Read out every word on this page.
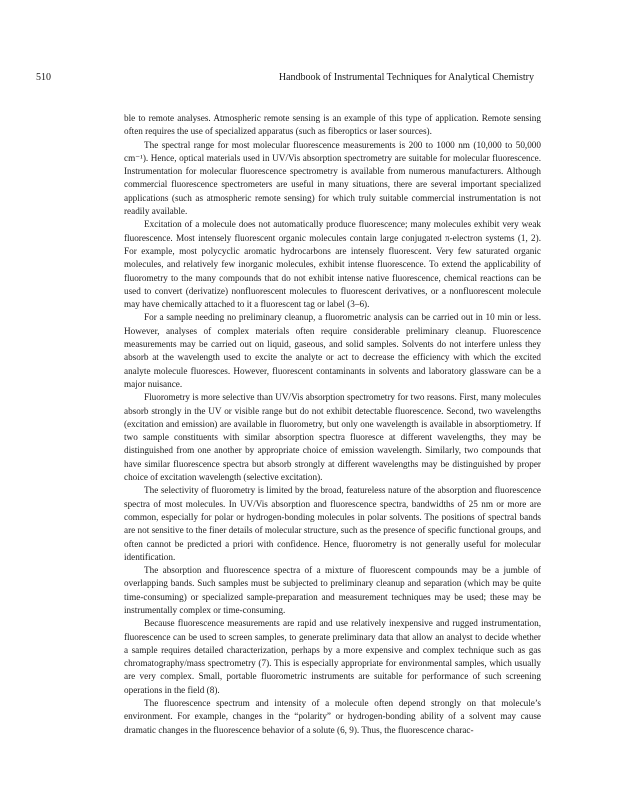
510	Handbook of Instrumental Techniques for Analytical Chemistry

ble to remote analyses. Atmospheric remote sensing is an example of this type of application. Remote sensing often requires the use of specialized apparatus (such as fiberoptics or laser sources).

The spectral range for most molecular fluorescence measurements is 200 to 1000 nm (10,000 to 50,000 cm⁻¹). Hence, optical materials used in UV/Vis absorption spectrometry are suitable for molecular fluorescence. Instrumentation for molecular fluorescence spectrometry is available from numerous manufacturers. Although commercial fluorescence spectrometers are useful in many situations, there are several important specialized applications (such as atmospheric remote sensing) for which truly suitable commercial instrumentation is not readily available.

Excitation of a molecule does not automatically produce fluorescence; many molecules exhibit very weak fluorescence. Most intensely fluorescent organic molecules contain large conjugated π-electron systems (1, 2). For example, most polycyclic aromatic hydrocarbons are intensely fluorescent. Very few saturated organic molecules, and relatively few inorganic molecules, exhibit intense fluorescence. To extend the applicability of fluorometry to the many compounds that do not exhibit intense native fluorescence, chemical reactions can be used to convert (derivatize) nonfluorescent molecules to fluorescent derivatives, or a nonfluorescent molecule may have chemically attached to it a fluorescent tag or label (3–6).

For a sample needing no preliminary cleanup, a fluorometric analysis can be carried out in 10 min or less. However, analyses of complex materials often require considerable preliminary cleanup. Fluorescence measurements may be carried out on liquid, gaseous, and solid samples. Solvents do not interfere unless they absorb at the wavelength used to excite the analyte or act to decrease the efficiency with which the excited analyte molecule fluoresces. However, fluorescent contaminants in solvents and laboratory glassware can be a major nuisance.

Fluorometry is more selective than UV/Vis absorption spectrometry for two reasons. First, many molecules absorb strongly in the UV or visible range but do not exhibit detectable fluorescence. Second, two wavelengths (excitation and emission) are available in fluorometry, but only one wavelength is available in absorptiometry. If two sample constituents with similar absorption spectra fluoresce at different wavelengths, they may be distinguished from one another by appropriate choice of emission wavelength. Similarly, two compounds that have similar fluorescence spectra but absorb strongly at different wavelengths may be distinguished by proper choice of excitation wavelength (selective excitation).

The selectivity of fluorometry is limited by the broad, featureless nature of the absorption and fluorescence spectra of most molecules. In UV/Vis absorption and fluorescence spectra, bandwidths of 25 nm or more are common, especially for polar or hydrogen-bonding molecules in polar solvents. The positions of spectral bands are not sensitive to the finer details of molecular structure, such as the presence of specific functional groups, and often cannot be predicted a priori with confidence. Hence, fluorometry is not generally useful for molecular identification.

The absorption and fluorescence spectra of a mixture of fluorescent compounds may be a jumble of overlapping bands. Such samples must be subjected to preliminary cleanup and separation (which may be quite time-consuming) or specialized sample-preparation and measurement techniques may be used; these may be instrumentally complex or time-consuming.

Because fluorescence measurements are rapid and use relatively inexpensive and rugged instrumentation, fluorescence can be used to screen samples, to generate preliminary data that allow an analyst to decide whether a sample requires detailed characterization, perhaps by a more expensive and complex technique such as gas chromatography/mass spectrometry (7). This is especially appropriate for environmental samples, which usually are very complex. Small, portable fluorometric instruments are suitable for performance of such screening operations in the field (8).

The fluorescence spectrum and intensity of a molecule often depend strongly on that molecule’s environment. For example, changes in the “polarity” or hydrogen-bonding ability of a solvent may cause dramatic changes in the fluorescence behavior of a solute (6, 9). Thus, the fluorescence charac-
